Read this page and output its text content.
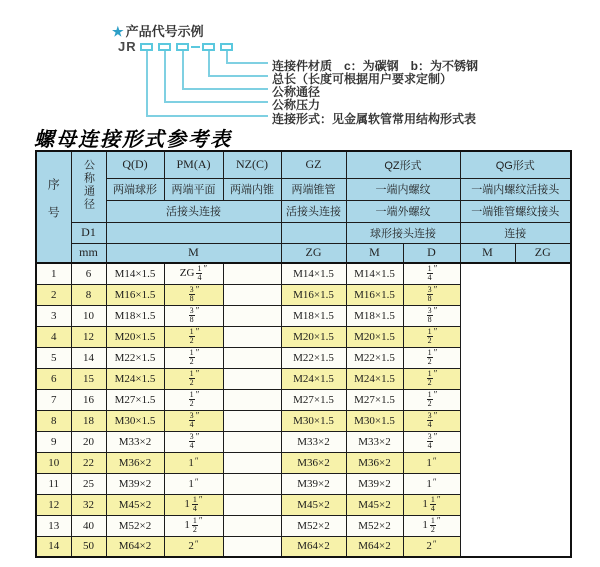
★ 产品代号示例
JR
连接件材质　c：为碳钢　b：为不锈钢
总长（长度可根据用户要求定制）
公称通径
公称压力
连接形式：见金属软管常用结构形式表
螺母连接形式参考表
序号	公称通径	Q(D)	PM(A)	NZ(C)	GZ	QZ形式		QG形式	
		两端球形	两端平面	两端内锥	两端锥管	一端内螺纹		一端内螺纹活接头	
		活接头连接			活接头连接	一端外螺纹		一端锥管螺纹接头	
	D1					球形接头连接		连接	
	mm	M			ZG	M	D	M	ZG
1	6	M14×1.5	ZG $\frac{1}{4} ''$		M14×1.5	M14×1.5	$\frac{1}{4} ''$
2	8	M16×1.5	$\frac{3}{8} ''$		M16×1.5	M16×1.5	$\frac{3}{8} ''$
3	10	M18×1.5	$\frac{3}{8} ''$		M18×1.5	M18×1.5	$\frac{3}{8} ''$
4	12	M20×1.5	$\frac{1}{2} ''$		M20×1.5	M20×1.5	$\frac{1}{2} ''$
5	14	M22×1.5	$\frac{1}{2} ''$		M22×1.5	M22×1.5	$\frac{1}{2} ''$
6	15	M24×1.5	$\frac{1}{2} ''$		M24×1.5	M24×1.5	$\frac{1}{2} ''$
7	16	M27×1.5	$\frac{1}{2} ''$		M27×1.5	M27×1.5	$\frac{1}{2} ''$
8	18	M30×1.5	$\frac{3}{4} ''$		M30×1.5	M30×1.5	$\frac{3}{4} ''$
9	20	M33×2	$\frac{3}{4} ''$		M33×2	M33×2	$\frac{3}{4} ''$
10	22	M36×2	1″		M36×2	M36×2	1″
11	25	M39×2	1″		M39×2	M39×2	1″
12	32	M45×2	$1 \frac{1}{4} ''$		M45×2	M45×2	$1 \frac{1}{4} ''$
13	40	M52×2	$1 \frac{1}{2} ''$		M52×2	M52×2	$1 \frac{1}{2} ''$
14	50	M64×2	2″		M64×2	M64×2	2″
